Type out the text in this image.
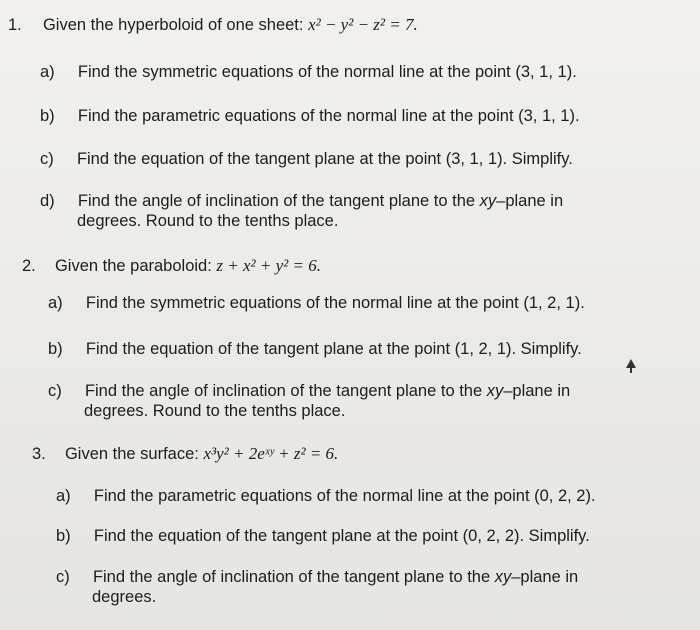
1. Given the hyperboloid of one sheet: x² − y² − z² = 7.
a) Find the symmetric equations of the normal line at the point (3, 1, 1).
b) Find the parametric equations of the normal line at the point (3, 1, 1).
c) Find the equation of the tangent plane at the point (3, 1, 1). Simplify.
d) Find the angle of inclination of the tangent plane to the xy–plane in
degrees. Round to the tenths place.
2. Given the paraboloid: z + x² + y² = 6.
a) Find the symmetric equations of the normal line at the point (1, 2, 1).
b) Find the equation of the tangent plane at the point (1, 2, 1). Simplify.
c) Find the angle of inclination of the tangent plane to the xy–plane in
degrees. Round to the tenths place.
3. Given the surface: x³y² + 2eˣʸ + z² = 6.
a) Find the parametric equations of the normal line at the point (0, 2, 2).
b) Find the equation of the tangent plane at the point (0, 2, 2). Simplify.
c) Find the angle of inclination of the tangent plane to the xy–plane in
degrees.
